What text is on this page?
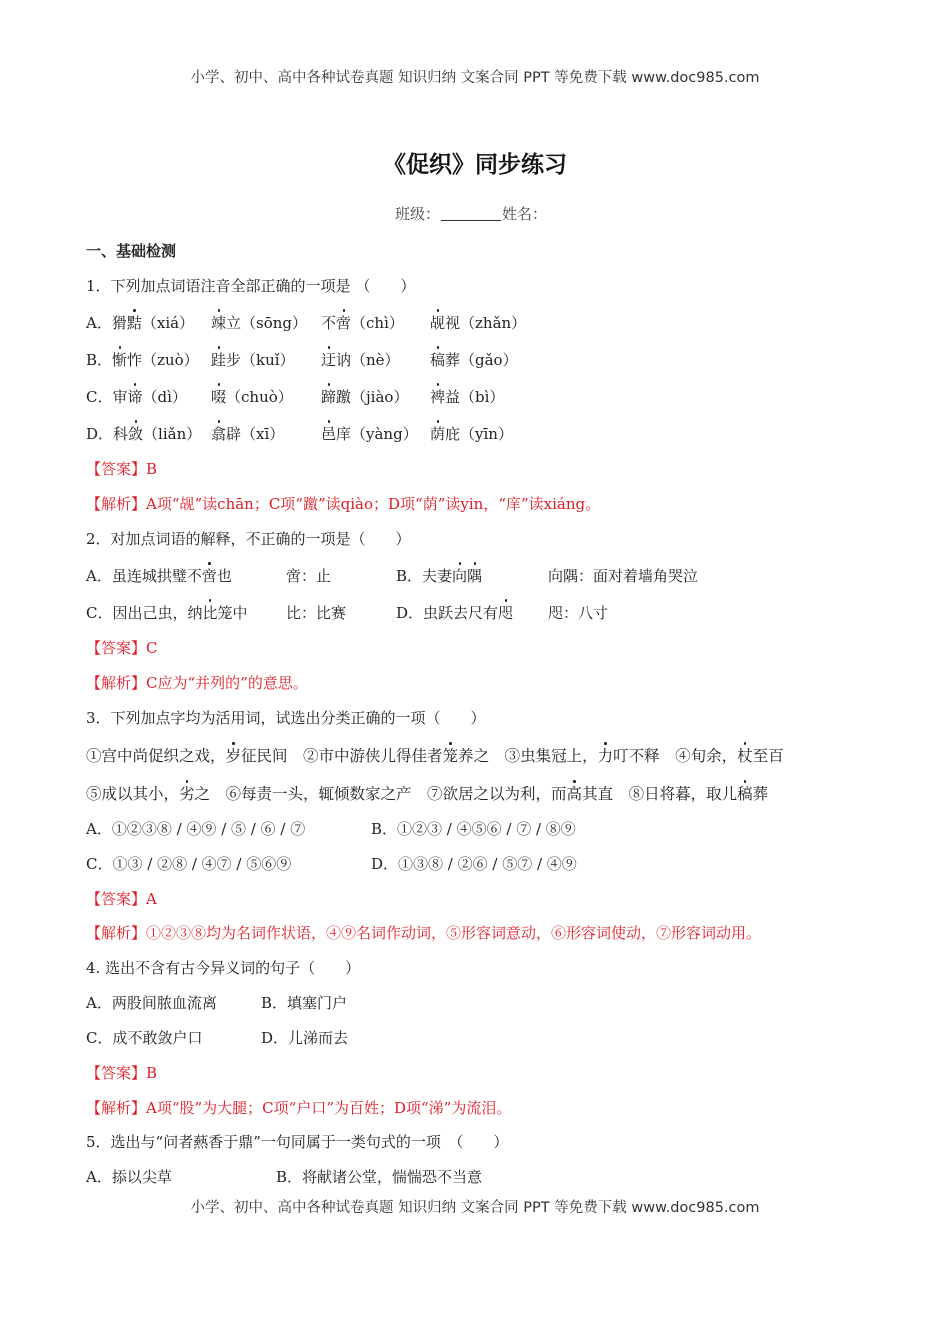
小学、初中、高中各种试卷真题 知识归纳 文案合同 PPT 等免费下载 www.doc985.com
《促织》同步练习
班级：	姓名：
一、基础检测
1．下列加点词语注音全部正确的一项是 （　　）
A．猾黠（xiá） 竦立（sōng） 不啻（chì） 觇视（zhǎn）
B．惭怍（zuò） 跬步（kuǐ） 迂讷（nè） 稿葬（gǎo）
C．审谛（dì） 啜（chuò） 蹄躈（jiào） 裨益（bì）
D．科敛（liǎn） 翕辟（xī） 邑庠（yàng） 荫庇（yīn）
【答案】B
【解析】A项“觇”读chān；C项“躈”读qiào；D项“荫”读yin，“庠”读xiáng。
2．对加点词语的解释，不正确的一项是（　　）
A．虽连城拱璧不啻也	啻：止	B．夫妻向隅	向隅：面对着墙角哭泣
C．因出己虫，纳比笼中	比：比赛	D．虫跃去尺有咫 咫：八寸
【答案】C
【解析】C应为“并列的”的意思。
3．下列加点字均为活用词，试选出分类正确的一项（　　）
①宫中尚促织之戏，岁征民间　②市中游侠儿得佳者笼养之　③虫集冠上，力叮不释　④旬余，杖至百
⑤成以其小，劣之　⑥每责一头，辄倾数家之产　⑦欲居之以为利，而高其直　⑧日将暮，取儿稿葬
A．①②③⑧ / ④⑨ / ⑤ / ⑥ / ⑦	B．①②③ / ④⑤⑥ / ⑦ / ⑧⑨
C．①③ / ②⑧ / ④⑦ / ⑤⑥⑨	D．①③⑧ / ②⑥ / ⑤⑦ / ④⑨
【答案】A
【解析】①②③⑧均为名词作状语，④⑨名词作动词，⑤形容词意动，⑥形容词使动，⑦形容词动用。
4. 选出不含有古今异义词的句子（　　）
A．两股间脓血流离	B．填塞门户
C．成不敢敛户口	D．儿涕而去
【答案】B
【解析】A项“股”为大腿；C项“户口”为百姓；D项“涕”为流泪。
5．选出与“问者爇香于鼎”一句同属于一类句式的一项　（　　）
A．掭以尖草	B．将献诸公堂，惴惴恐不当意
小学、初中、高中各种试卷真题 知识归纳 文案合同 PPT 等免费下载 www.doc985.com
